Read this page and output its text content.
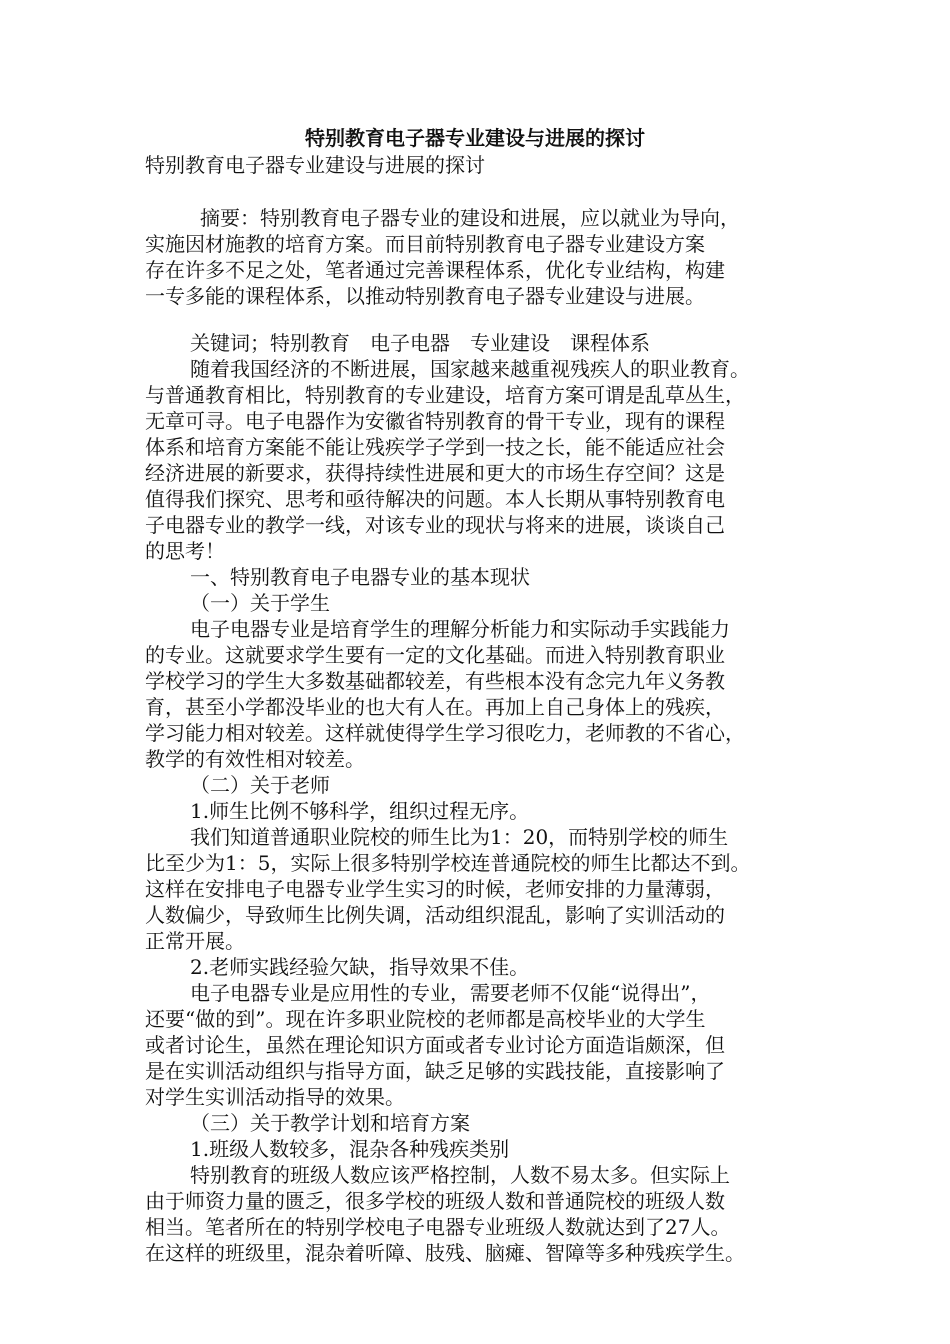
特别教育电子器专业建设与进展的探讨
特别教育电子器专业建设与进展的探讨
摘要：特别教育电子器专业的建设和进展，应以就业为导向，
实施因材施教的培育方案。而目前特别教育电子器专业建设方案
存在许多不足之处，笔者通过完善课程体系，优化专业结构，构建
一专多能的课程体系，以推动特别教育电子器专业建设与进展。
关键词；特别教育　电子电器　专业建设　课程体系
随着我国经济的不断进展，国家越来越重视残疾人的职业教育。
与普通教育相比，特别教育的专业建设，培育方案可谓是乱草丛生，
无章可寻。电子电器作为安徽省特别教育的骨干专业，现有的课程
体系和培育方案能不能让残疾学子学到一技之长，能不能适应社会
经济进展的新要求，获得持续性进展和更大的市场生存空间？这是
值得我们探究、思考和亟待解决的问题。本人长期从事特别教育电
子电器专业的教学一线，对该专业的现状与将来的进展，谈谈自己
的思考！
一、特别教育电子电器专业的基本现状
（一）关于学生
电子电器专业是培育学生的理解分析能力和实际动手实践能力
的专业。这就要求学生要有一定的文化基础。而进入特别教育职业
学校学习的学生大多数基础都较差，有些根本没有念完九年义务教
育，甚至小学都没毕业的也大有人在。再加上自己身体上的残疾，
学习能力相对较差。这样就使得学生学习很吃力，老师教的不省心，
教学的有效性相对较差。
（二）关于老师
1.师生比例不够科学，组织过程无序。
我们知道普通职业院校的师生比为1：20，而特别学校的师生
比至少为1：5，实际上很多特别学校连普通院校的师生比都达不到。
这样在安排电子电器专业学生实习的时候，老师安排的力量薄弱，
人数偏少，导致师生比例失调，活动组织混乱，影响了实训活动的
正常开展。
2.老师实践经验欠缺，指导效果不佳。
电子电器专业是应用性的专业，需要老师不仅能“说得出”，
还要“做的到”。现在许多职业院校的老师都是高校毕业的大学生
或者讨论生，虽然在理论知识方面或者专业讨论方面造诣颇深，但
是在实训活动组织与指导方面，缺乏足够的实践技能，直接影响了
对学生实训活动指导的效果。
（三）关于教学计划和培育方案
1.班级人数较多，混杂各种残疾类别
特别教育的班级人数应该严格控制，人数不易太多。但实际上
由于师资力量的匮乏，很多学校的班级人数和普通院校的班级人数
相当。笔者所在的特别学校电子电器专业班级人数就达到了27人。
在这样的班级里，混杂着听障、肢残、脑瘫、智障等多种残疾学生。
